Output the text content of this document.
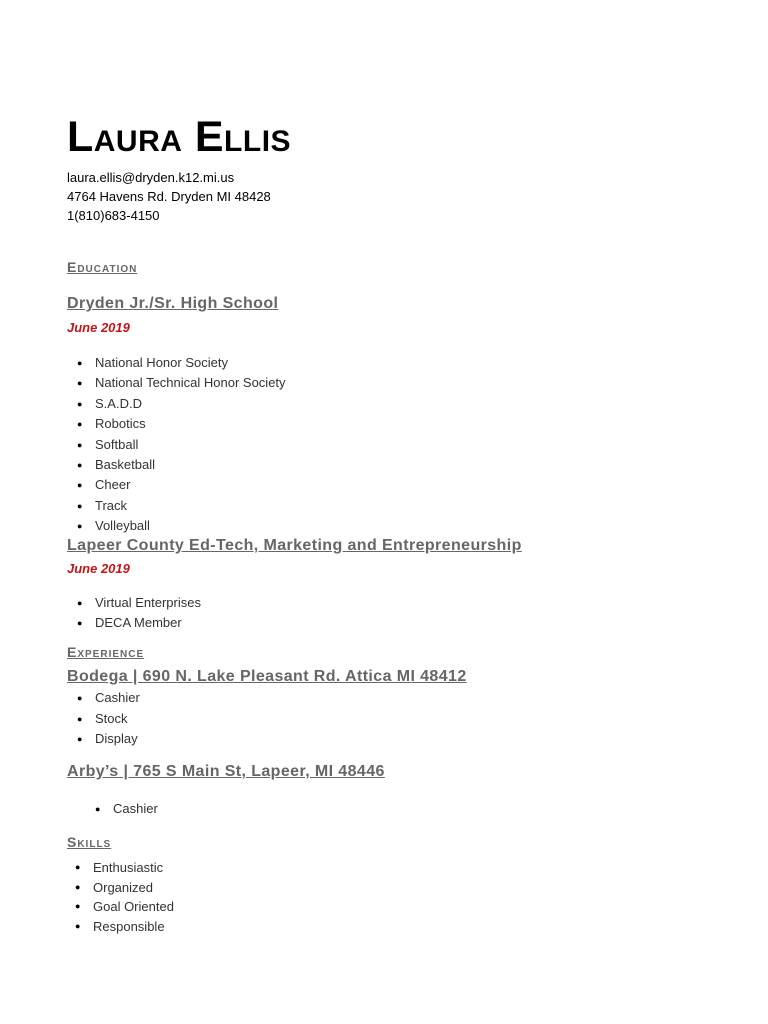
Laura Ellis
laura.ellis@dryden.k12.mi.us
4764 Havens Rd. Dryden MI 48428
1(810)683-4150
Education
Dryden Jr./Sr. High School
June 2019
● National Honor Society
● National Technical Honor Society
● S.A.D.D
● Robotics
● Softball
● Basketball
● Cheer
● Track
● Volleyball
Lapeer County Ed-Tech, Marketing and Entrepreneurship
June 2019
● Virtual Enterprises
● DECA Member
Experience
Bodega | 690 N. Lake Pleasant Rd. Attica MI 48412
● Cashier
● Stock
● Display
Arby’s | 765 S Main St, Lapeer, MI 48446
● Cashier
Skills
● Enthusiastic
● Organized
● Goal Oriented
● Responsible
